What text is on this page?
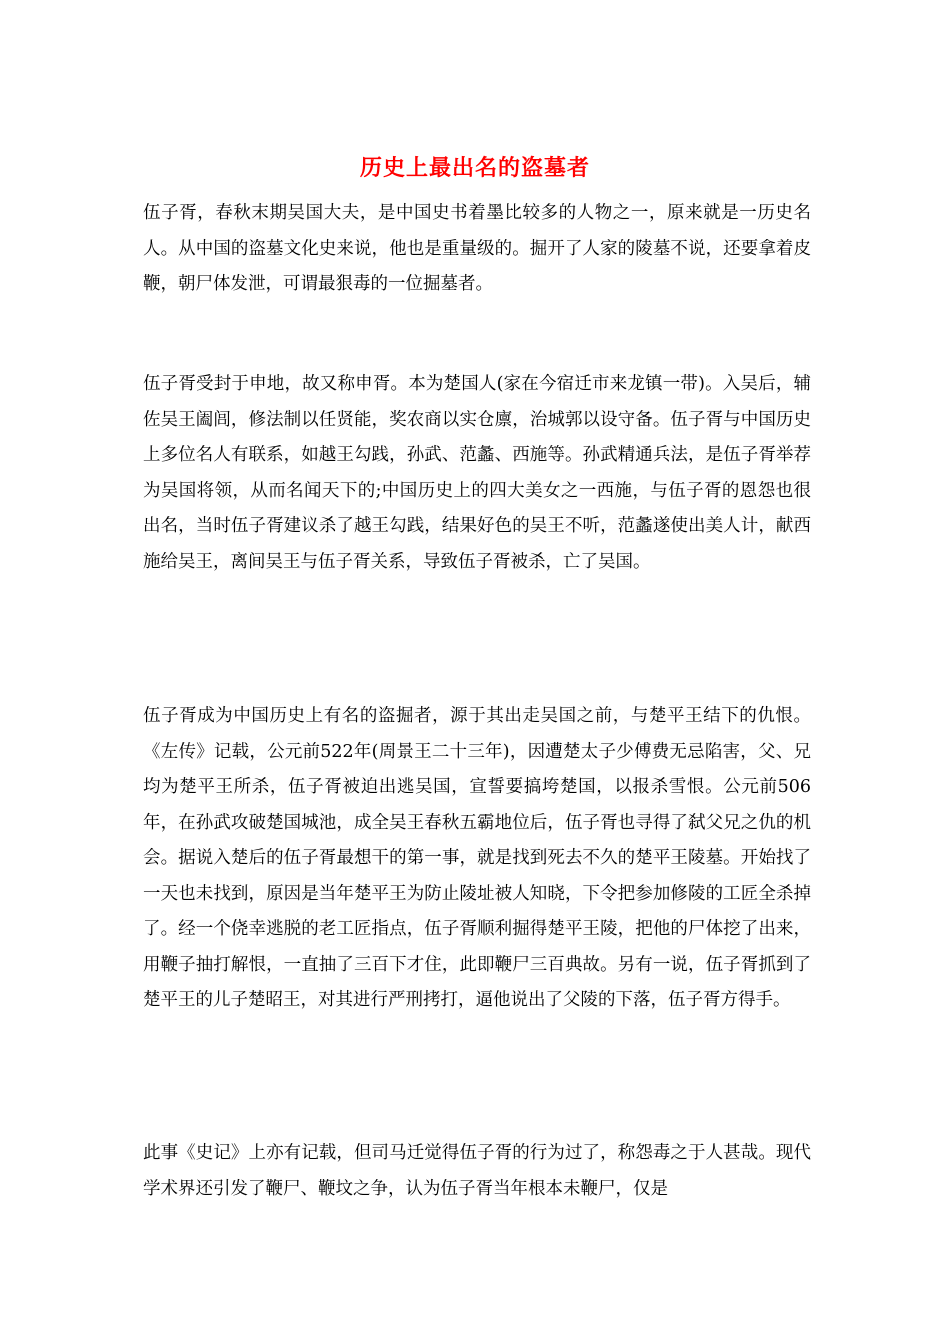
历史上最出名的盗墓者

伍子胥，春秋末期吴国大夫，是中国史书着墨比较多的人物之一，原来就是一历史名人。从中国的盗墓文化史来说，他也是重量级的。掘开了人家的陵墓不说，还要拿着皮鞭，朝尸体发泄，可谓最狠毒的一位掘墓者。

伍子胥受封于申地，故又称申胥。本为楚国人(家在今宿迁市来龙镇一带)。入吴后，辅佐吴王阖闾，修法制以任贤能，奖农商以实仓廪，治城郭以设守备。伍子胥与中国历史上多位名人有联系，如越王勾践，孙武、范蠡、西施等。孙武精通兵法，是伍子胥举荐为吴国将领，从而名闻天下的;中国历史上的四大美女之一西施，与伍子胥的恩怨也很出名，当时伍子胥建议杀了越王勾践，结果好色的吴王不听，范蠡遂使出美人计，献西施给吴王，离间吴王与伍子胥关系，导致伍子胥被杀，亡了吴国。

伍子胥成为中国历史上有名的盗掘者，源于其出走吴国之前，与楚平王结下的仇恨。《左传》记载，公元前522年(周景王二十三年)，因遭楚太子少傅费无忌陷害，父、兄均为楚平王所杀，伍子胥被迫出逃吴国，宣誓要搞垮楚国，以报杀雪恨。公元前506年，在孙武攻破楚国城池，成全吴王春秋五霸地位后，伍子胥也寻得了弑父兄之仇的机会。据说入楚后的伍子胥最想干的第一事，就是找到死去不久的楚平王陵墓。开始找了一天也未找到，原因是当年楚平王为防止陵址被人知晓，下令把参加修陵的工匠全杀掉了。经一个侥幸逃脱的老工匠指点，伍子胥顺利掘得楚平王陵，把他的尸体挖了出来，用鞭子抽打解恨，一直抽了三百下才住，此即鞭尸三百典故。另有一说，伍子胥抓到了楚平王的儿子楚昭王，对其进行严刑拷打，逼他说出了父陵的下落，伍子胥方得手。

此事《史记》上亦有记载，但司马迁觉得伍子胥的行为过了，称怨毒之于人甚哉。现代学术界还引发了鞭尸、鞭坟之争，认为伍子胥当年根本未鞭尸，仅是
